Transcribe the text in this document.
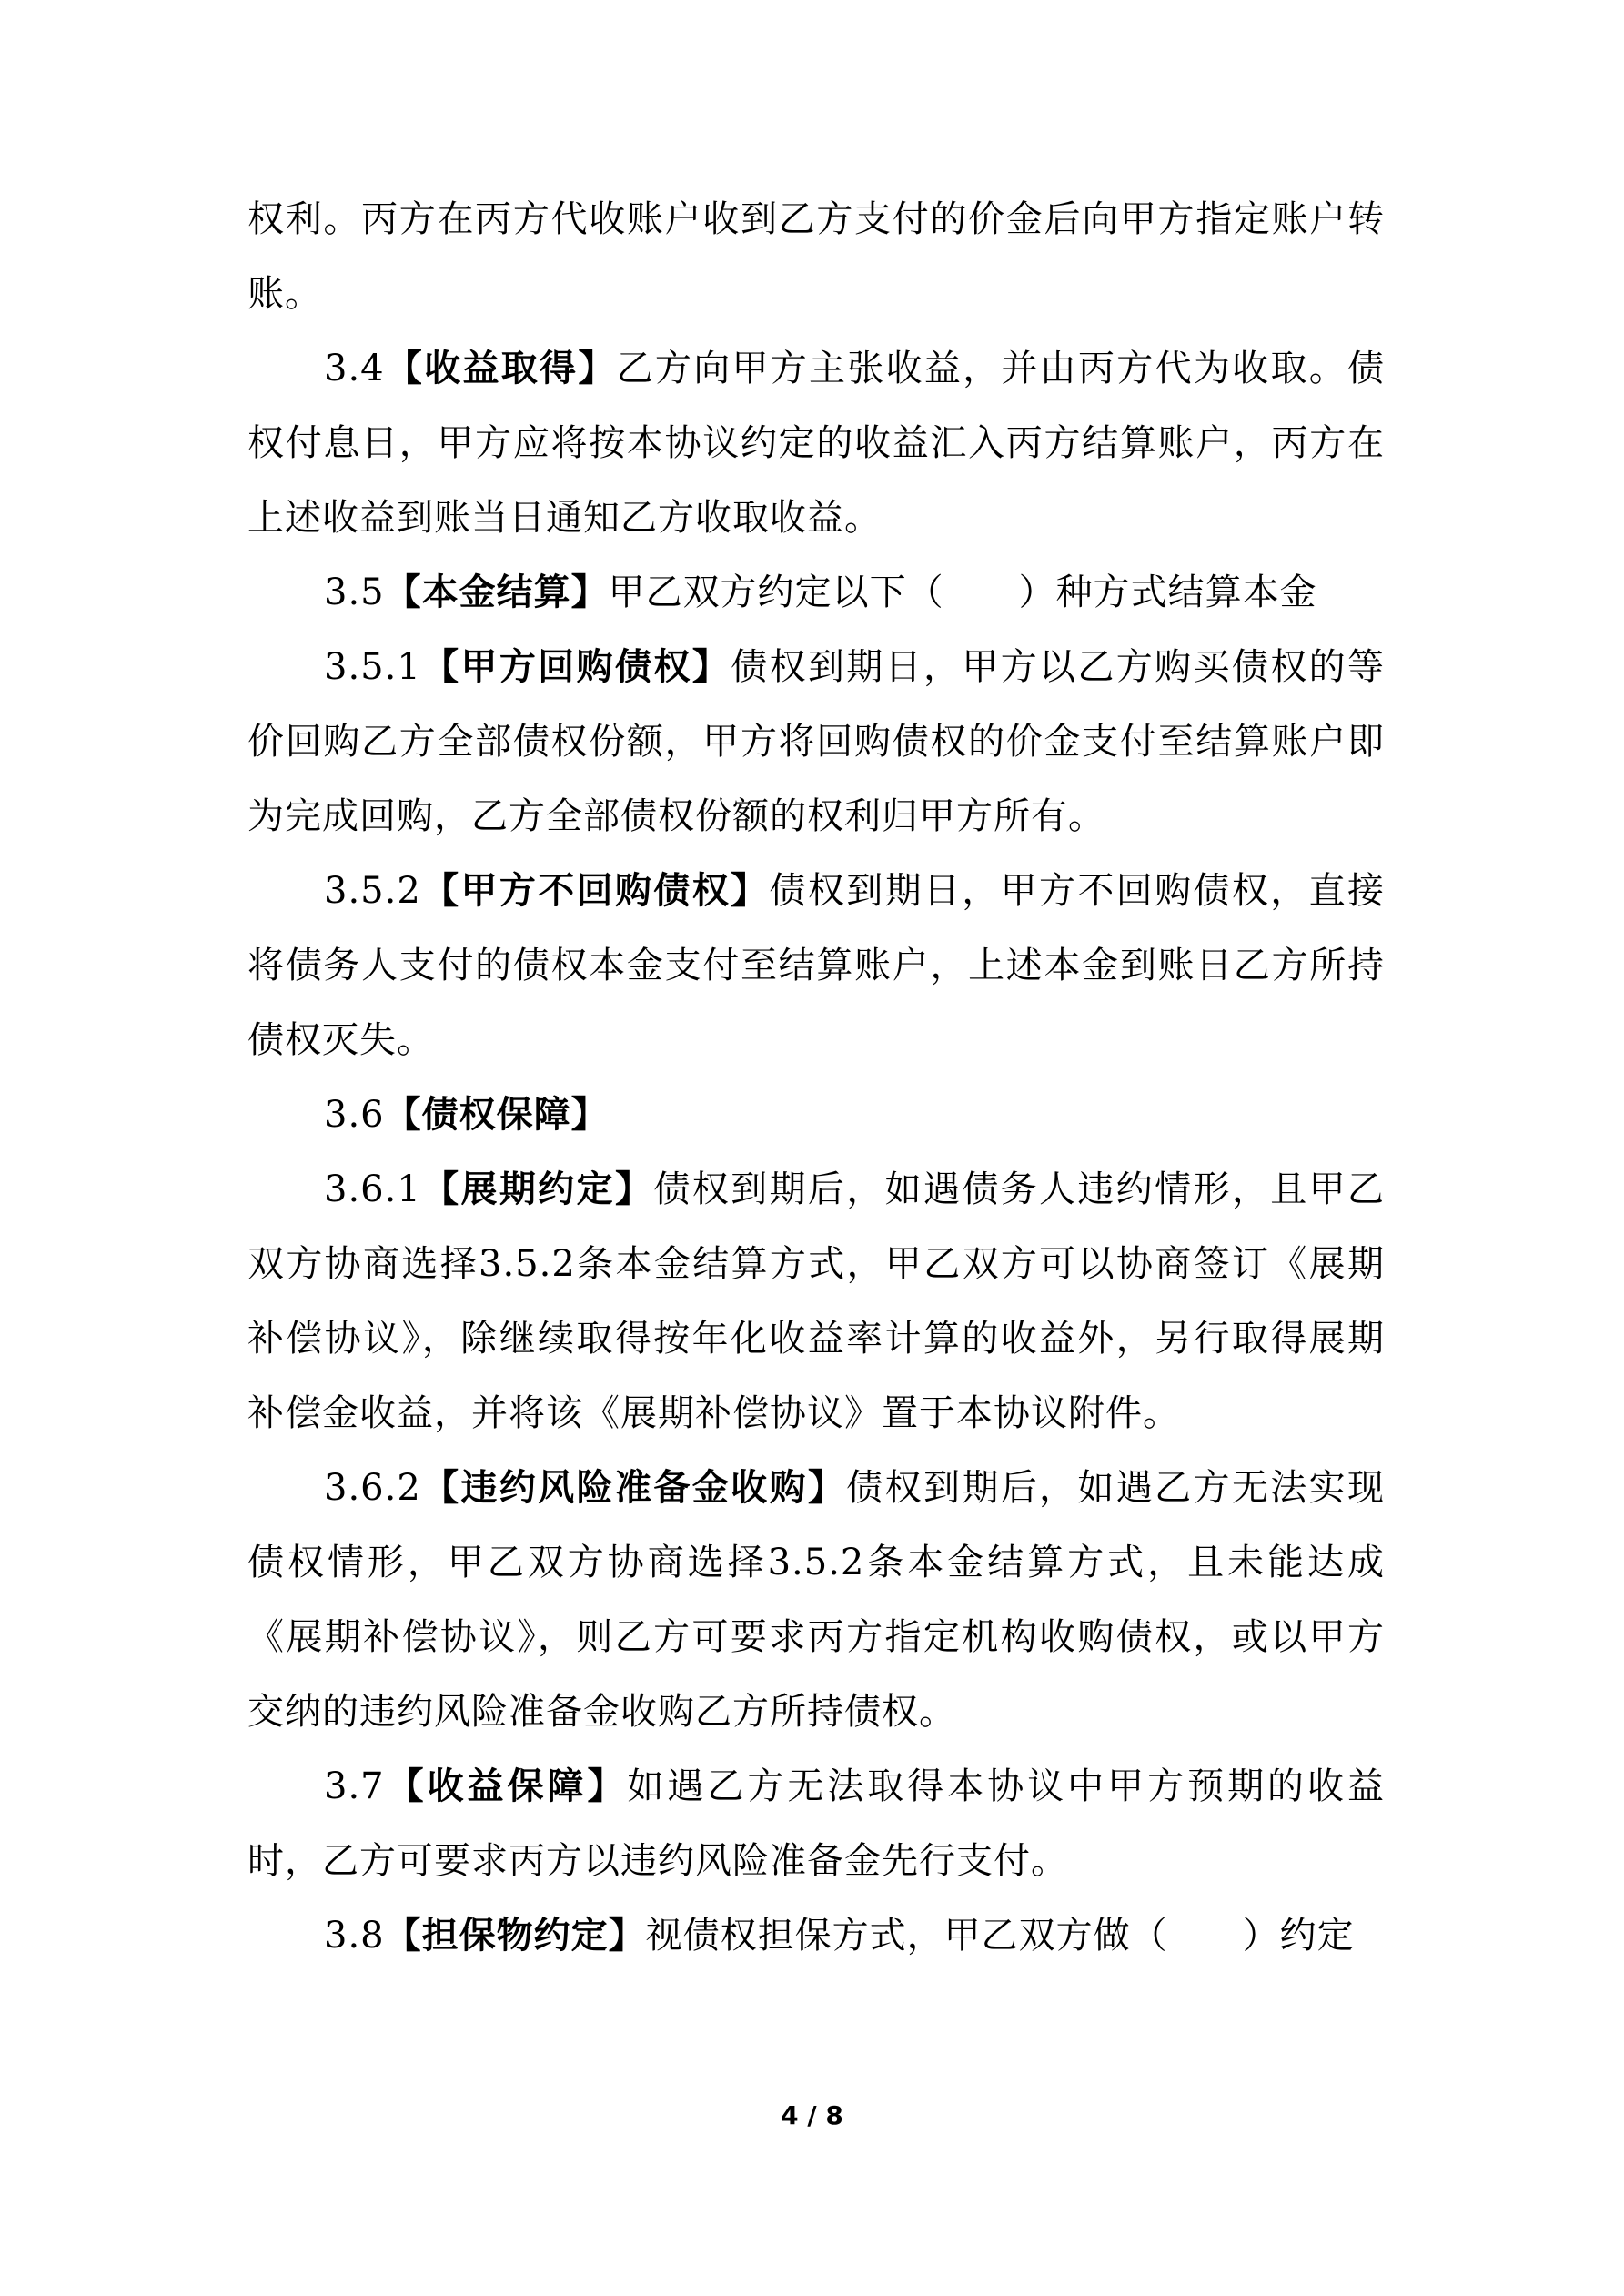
权利。丙方在丙方代收账户收到乙方支付的价金后向甲方指定账户转账。

3.4【收益取得】乙方向甲方主张收益，并由丙方代为收取。债权付息日，甲方应将按本协议约定的收益汇入丙方结算账户，丙方在上述收益到账当日通知乙方收取收益。

3.5【本金结算】甲乙双方约定以下（　　）种方式结算本金

3.5.1【甲方回购债权】债权到期日，甲方以乙方购买债权的等价回购乙方全部债权份额，甲方将回购债权的价金支付至结算账户即为完成回购，乙方全部债权份额的权利归甲方所有。

3.5.2【甲方不回购债权】债权到期日，甲方不回购债权，直接将债务人支付的债权本金支付至结算账户，上述本金到账日乙方所持债权灭失。

3.6【债权保障】

3.6.1【展期约定】债权到期后，如遇债务人违约情形，且甲乙双方协商选择3.5.2条本金结算方式，甲乙双方可以协商签订《展期补偿协议》，除继续取得按年化收益率计算的收益外，另行取得展期补偿金收益，并将该《展期补偿协议》置于本协议附件。

3.6.2【违约风险准备金收购】债权到期后，如遇乙方无法实现债权情形，甲乙双方协商选择3.5.2条本金结算方式，且未能达成《展期补偿协议》，则乙方可要求丙方指定机构收购债权，或以甲方交纳的违约风险准备金收购乙方所持债权。

3.7【收益保障】如遇乙方无法取得本协议中甲方预期的收益时，乙方可要求丙方以违约风险准备金先行支付。

3.8【担保物约定】视债权担保方式，甲乙双方做（　　）约定

4 / 8
